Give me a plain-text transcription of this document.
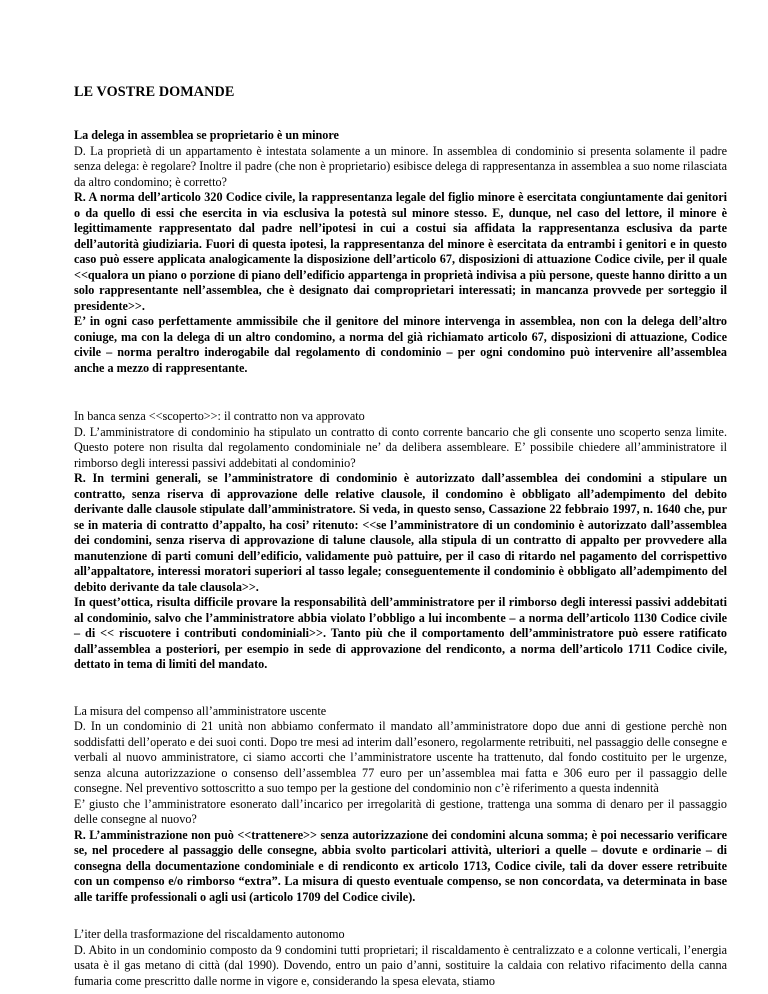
LE VOSTRE DOMANDE

La delega in assemblea se proprietario è un minore

D. La proprietà di un appartamento è intestata solamente a un minore. In assemblea di condominio si presenta solamente il padre senza delega: è regolare? Inoltre il padre (che non è proprietario) esibisce delega di rappresentanza in assemblea a suo nome rilasciata da altro condomino; è corretto?

R. A norma dell’articolo 320 Codice civile, la rappresentanza legale del figlio minore è esercitata congiuntamente dai genitori o da quello di essi che esercita in via esclusiva la potestà sul minore stesso. E, dunque, nel caso del lettore, il minore è legittimamente rappresentato dal padre nell’ipotesi in cui a costui sia affidata la rappresentanza esclusiva da parte dell’autorità giudiziaria. Fuori di questa ipotesi, la rappresentanza del minore è esercitata da entrambi i genitori e in questo caso può essere applicata analogicamente la disposizione dell’articolo 67, disposizioni di attuazione Codice civile, per il quale <<qualora un piano o porzione di piano dell’edificio appartenga in proprietà indivisa a più persone, queste hanno diritto a un solo rappresentante nell’assemblea, che è designato dai comproprietari interessati; in mancanza provvede per sorteggio il presidente>>.

E’ in ogni caso perfettamente ammissibile che il genitore del minore intervenga in assemblea, non con la delega dell’altro coniuge, ma con la delega di un altro condomino, a norma del già richiamato articolo 67, disposizioni di attuazione, Codice civile – norma peraltro inderogabile dal regolamento di condominio – per ogni condomino può intervenire all’assemblea anche a mezzo di rappresentante.

In banca senza <<scoperto>>: il contratto non va approvato

D. L’amministratore di condominio ha stipulato un contratto di conto corrente bancario che gli consente uno scoperto senza limite. Questo potere non risulta dal regolamento condominiale ne’ da delibera assembleare. E’ possibile chiedere all’amministratore il rimborso degli interessi passivi addebitati al condominio?

R. In termini generali, se l’amministratore di condominio è autorizzato dall’assemblea dei condomini a stipulare un contratto, senza riserva di approvazione delle relative clausole, il condomino è obbligato all’adempimento del debito derivante dalle clausole stipulate dall’amministratore. Si veda, in questo senso, Cassazione 22 febbraio 1997, n. 1640 che, pur se in materia di contratto d’appalto, ha cosi’ ritenuto: <<se l’amministratore di un condominio è autorizzato dall’assemblea dei condomini, senza riserva di approvazione di talune clausole, alla stipula di un contratto di appalto per provvedere alla manutenzione di parti comuni dell’edificio, validamente può pattuire, per il caso di ritardo nel pagamento del corrispettivo all’appaltatore, interessi moratori superiori al tasso legale; conseguentemente il condominio è obbligato all’adempimento del debito derivante da tale clausola>>.

In quest’ottica, risulta difficile provare la responsabilità dell’amministratore per il rimborso degli interessi passivi addebitati al condominio, salvo che l’amministratore abbia violato l’obbligo a lui incombente – a norma dell’articolo 1130 Codice civile – di << riscuotere i contributi condominiali>>. Tanto più che il comportamento dell’amministratore può essere ratificato dall’assemblea a posteriori, per esempio in sede di approvazione del rendiconto, a norma dell’articolo 1711 Codice civile, dettato in tema di limiti del mandato.

La misura del compenso all’amministratore uscente

D. In un condominio di 21 unità non abbiamo confermato il mandato all’amministratore dopo due anni di gestione perchè non soddisfatti dell’operato e dei suoi conti. Dopo tre mesi ad interim dall’esonero, regolarmente retribuiti, nel passaggio delle consegne e verbali al nuovo amministratore, ci siamo accorti che l’amministratore uscente ha trattenuto, dal fondo costituito per le urgenze, senza alcuna autorizzazione o consenso dell’assemblea 77 euro per un’assemblea mai fatta e 306 euro per il passaggio delle consegne. Nel preventivo sottoscritto a suo tempo per la gestione del condominio non c’è riferimento a questa indennità

E’ giusto che l’amministratore esonerato dall’incarico per irregolarità di gestione, trattenga una somma di denaro per il passaggio delle consegne al nuovo?

R. L’amministrazione non può <<trattenere>> senza autorizzazione dei condomini alcuna somma; è poi necessario verificare se, nel procedere al passaggio delle consegne, abbia svolto particolari attività, ulteriori a quelle – dovute e ordinarie – di consegna della documentazione condominiale e di rendiconto ex articolo 1713, Codice civile, tali da dover essere retribuite con un compenso e/o rimborso “extra”. La misura di questo eventuale compenso, se non concordata, va determinata in base alle tariffe professionali o agli usi (articolo 1709 del Codice civile).

L’iter della trasformazione del riscaldamento autonomo

D. Abito in un condominio composto da 9 condomini tutti proprietari; il riscaldamento è centralizzato e a colonne verticali, l’energia usata è il gas metano di città (dal 1990). Dovendo, entro un paio d’anni, sostituire la caldaia con relativo rifacimento della canna fumaria come prescritto dalle norme in vigore e, considerando la spesa elevata, stiamo
